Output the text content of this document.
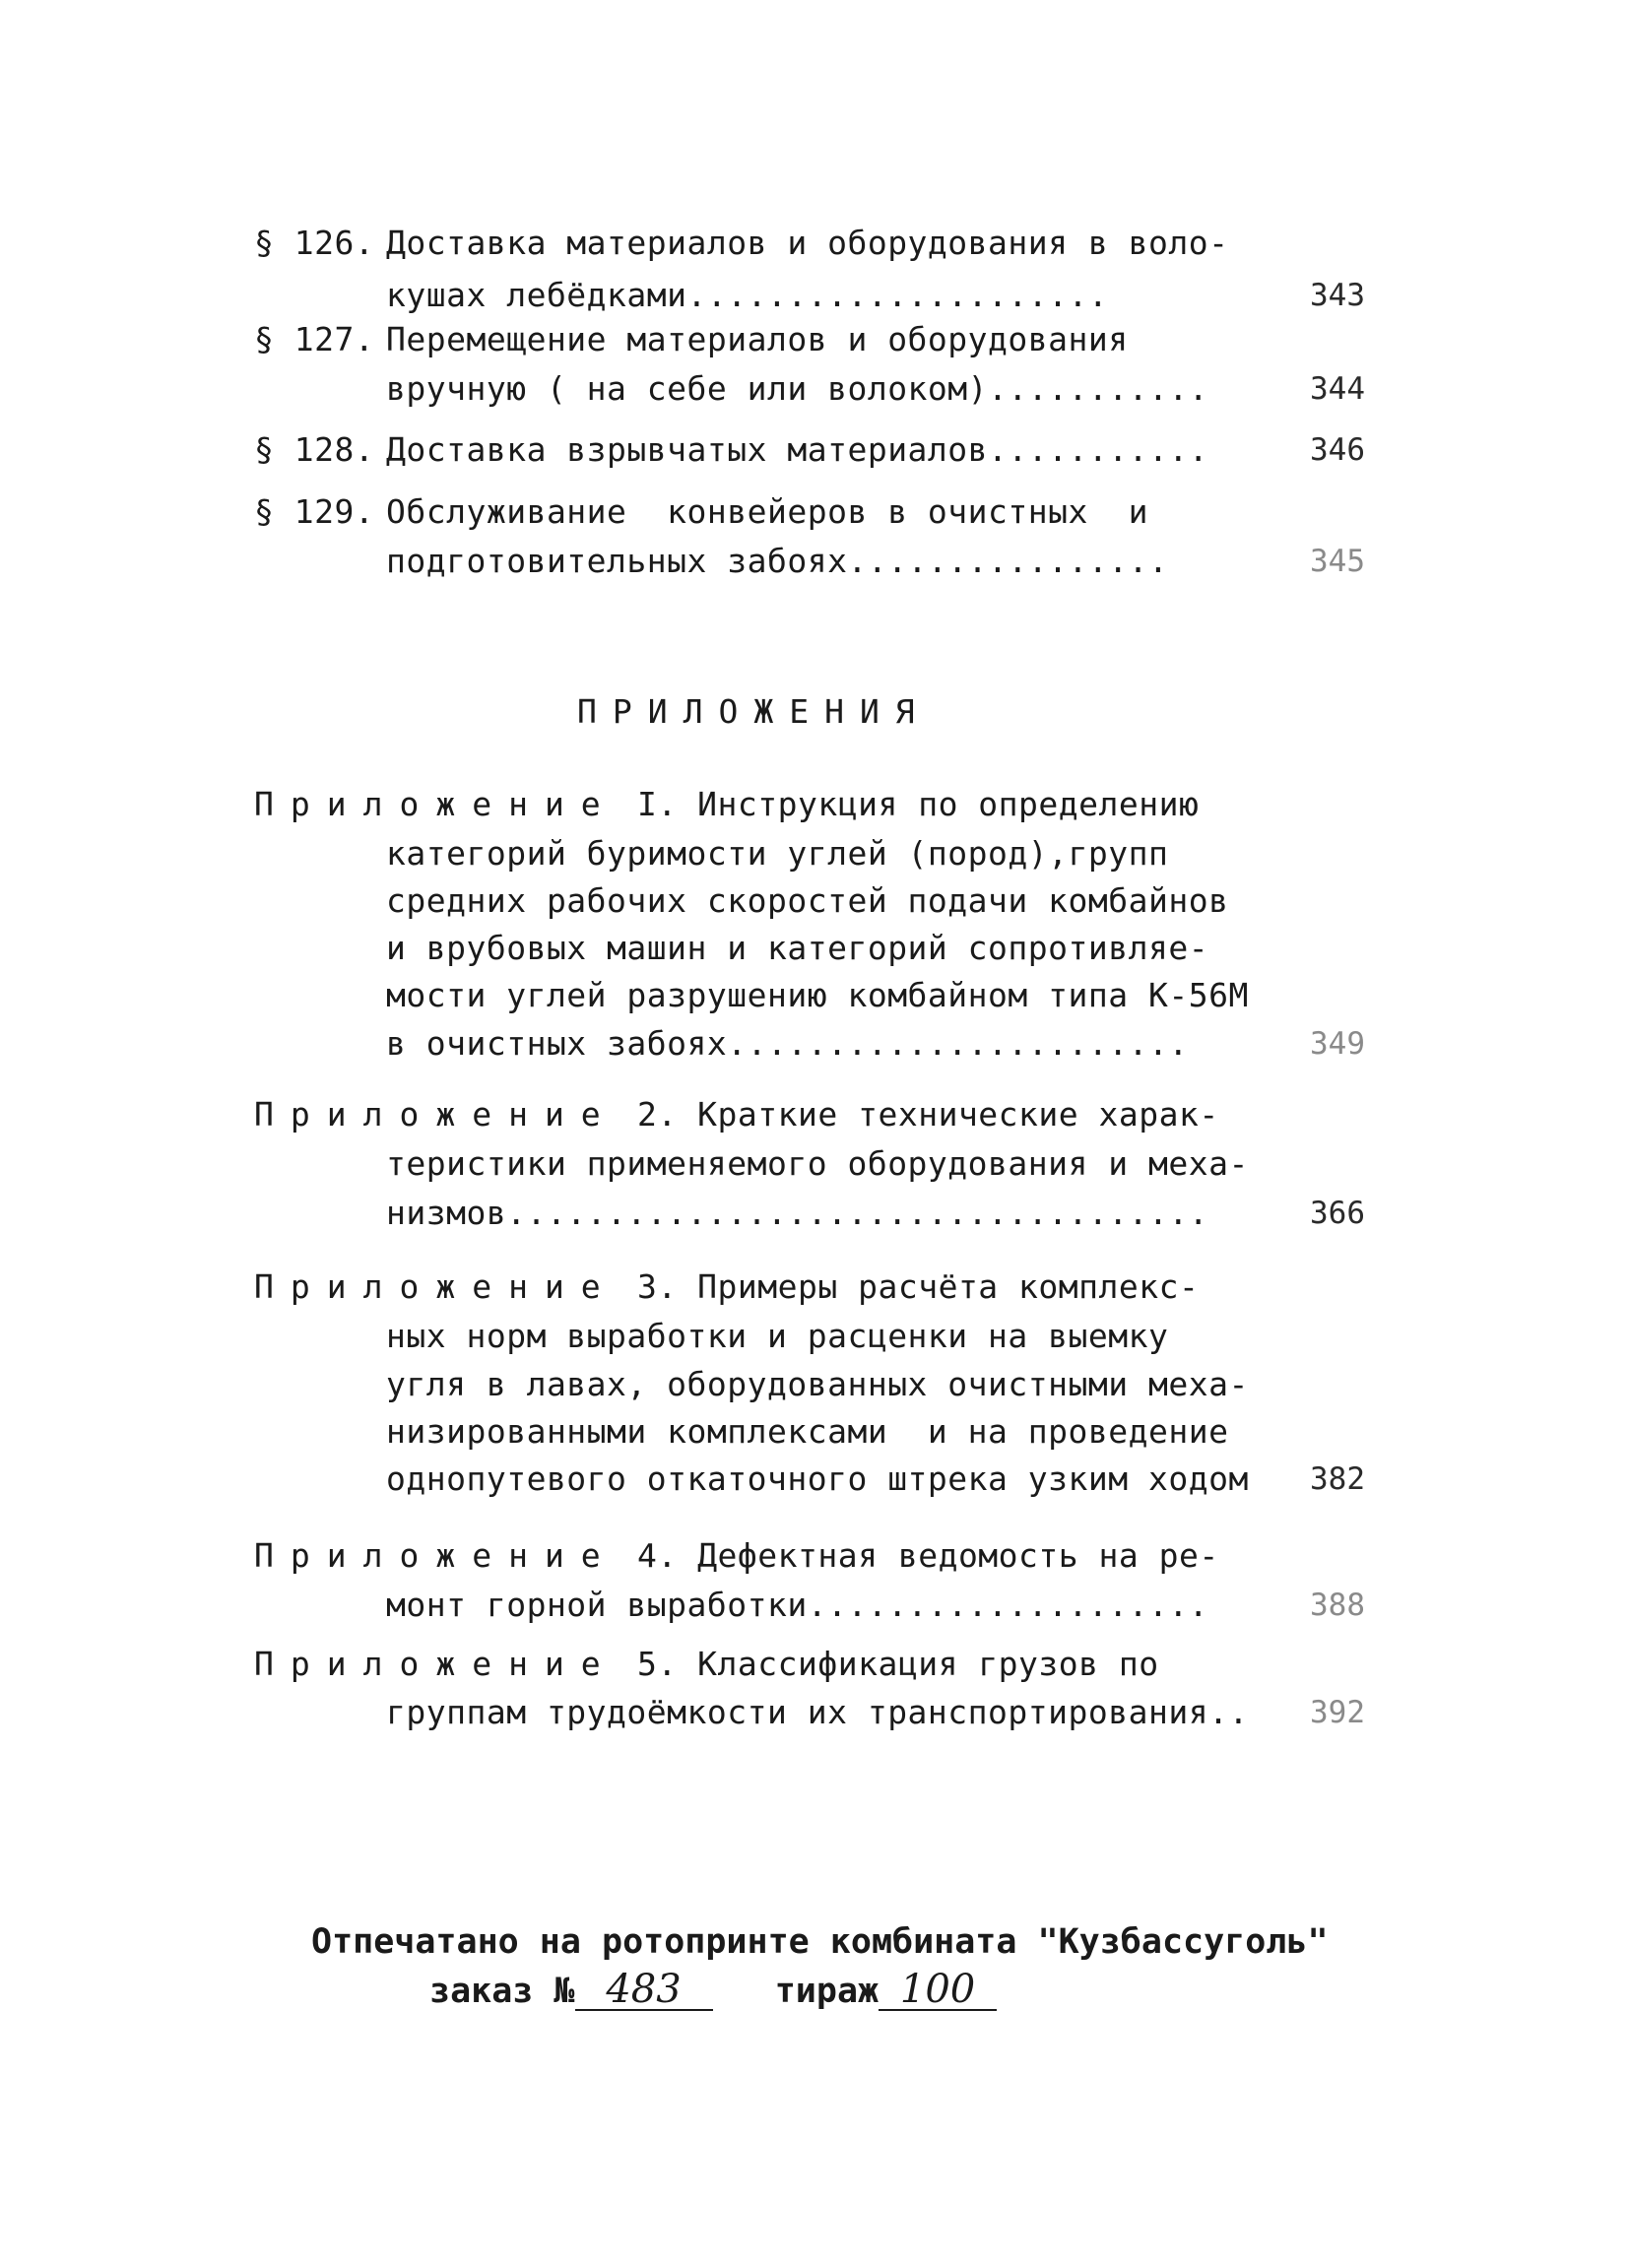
§ 126. Доставка материалов и оборудования в воло-
кушах лебёдками.....................	343
§ 127. Перемещение материалов и оборудования
вручную ( на себе или волоком)...........	344
§ 128. Доставка взрывчатых материалов...........	346
§ 129. Обслуживание  конвейеров в очистных  и
подготовительных забоях................	345
ПРИЛОЖЕНИЯ
Приложение I. Инструкция по определению
категорий буримости углей (пород),групп
средних рабочих скоростей подачи комбайнов
и врубовых машин и категорий сопротивляе-
мости углей разрушению комбайном типа К-56М
в очистных забоях.......................	349
Приложение 2. Краткие технические харак-
теристики применяемого оборудования и меха-
низмов...................................	366
Приложение 3. Примеры расчёта комплекс-
ных норм выработки и расценки на выемку
угля в лавах, оборудованных очистными меха-
низированными комплексами  и на проведение
однопутевого откаточного штрека узким ходом 382
Приложение 4. Дефектная ведомость на ре-
монт горной выработки....................	388
Приложение 5. Классификация грузов по
группам трудоёмкости их транспортирования.. 392
Отпечатано на ротопринте комбината "Кузбассуголь"
заказ № 483	тираж 100
